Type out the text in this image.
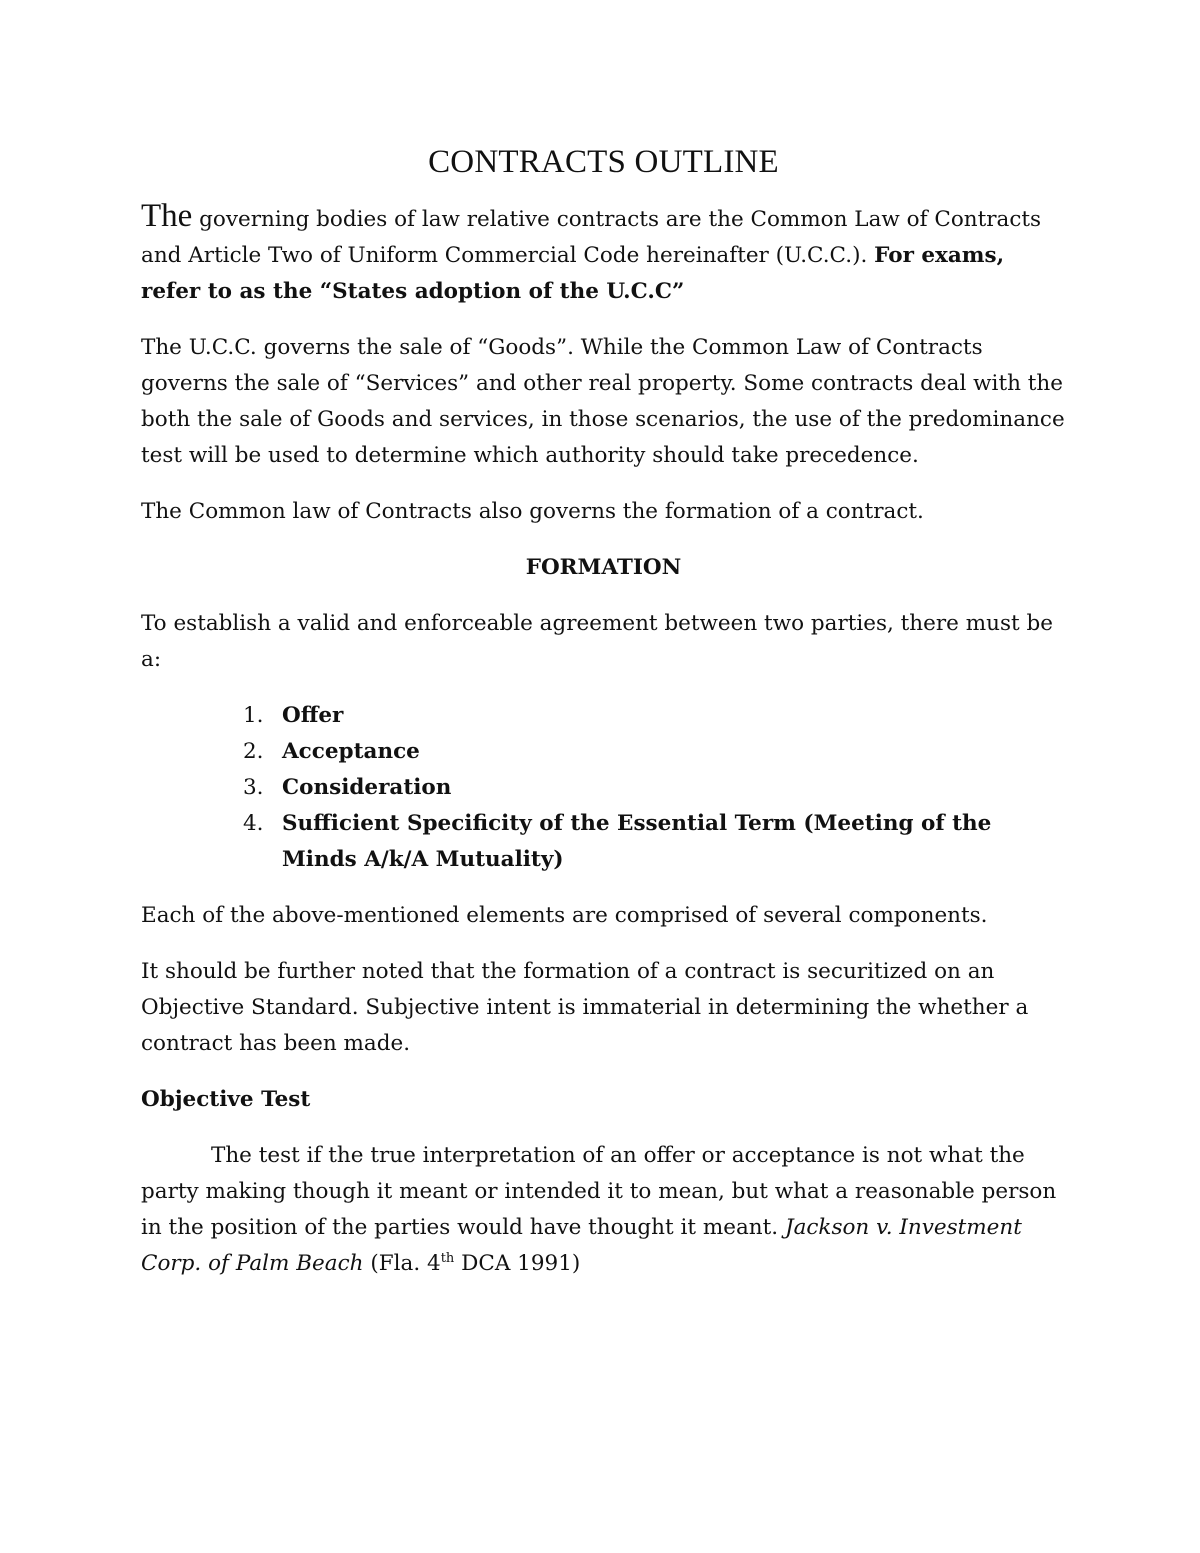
CONTRACTS OUTLINE

The governing bodies of law relative contracts are the Common Law of Contracts and Article Two of Uniform Commercial Code hereinafter (U.C.C.). For exams, refer to as the “States adoption of the U.C.C”

The U.C.C. governs the sale of “Goods”. While the Common Law of Contracts governs the sale of “Services” and other real property. Some contracts deal with the both the sale of Goods and services, in those scenarios, the use of the predominance test will be used to determine which authority should take precedence.

The Common law of Contracts also governs the formation of a contract.

FORMATION

To establish a valid and enforceable agreement between two parties, there must be a:

1. Offer
2. Acceptance
3. Consideration
4. Sufficient Specificity of the Essential Term (Meeting of the Minds A/k/A Mutuality)

Each of the above-mentioned elements are comprised of several components.

It should be further noted that the formation of a contract is securitized on an Objective Standard. Subjective intent is immaterial in determining the whether a contract has been made.

Objective Test

The test if the true interpretation of an offer or acceptance is not what the party making though it meant or intended it to mean, but what a reasonable person in the position of the parties would have thought it meant. Jackson v. Investment Corp. of Palm Beach (Fla. 4th DCA 1991)
